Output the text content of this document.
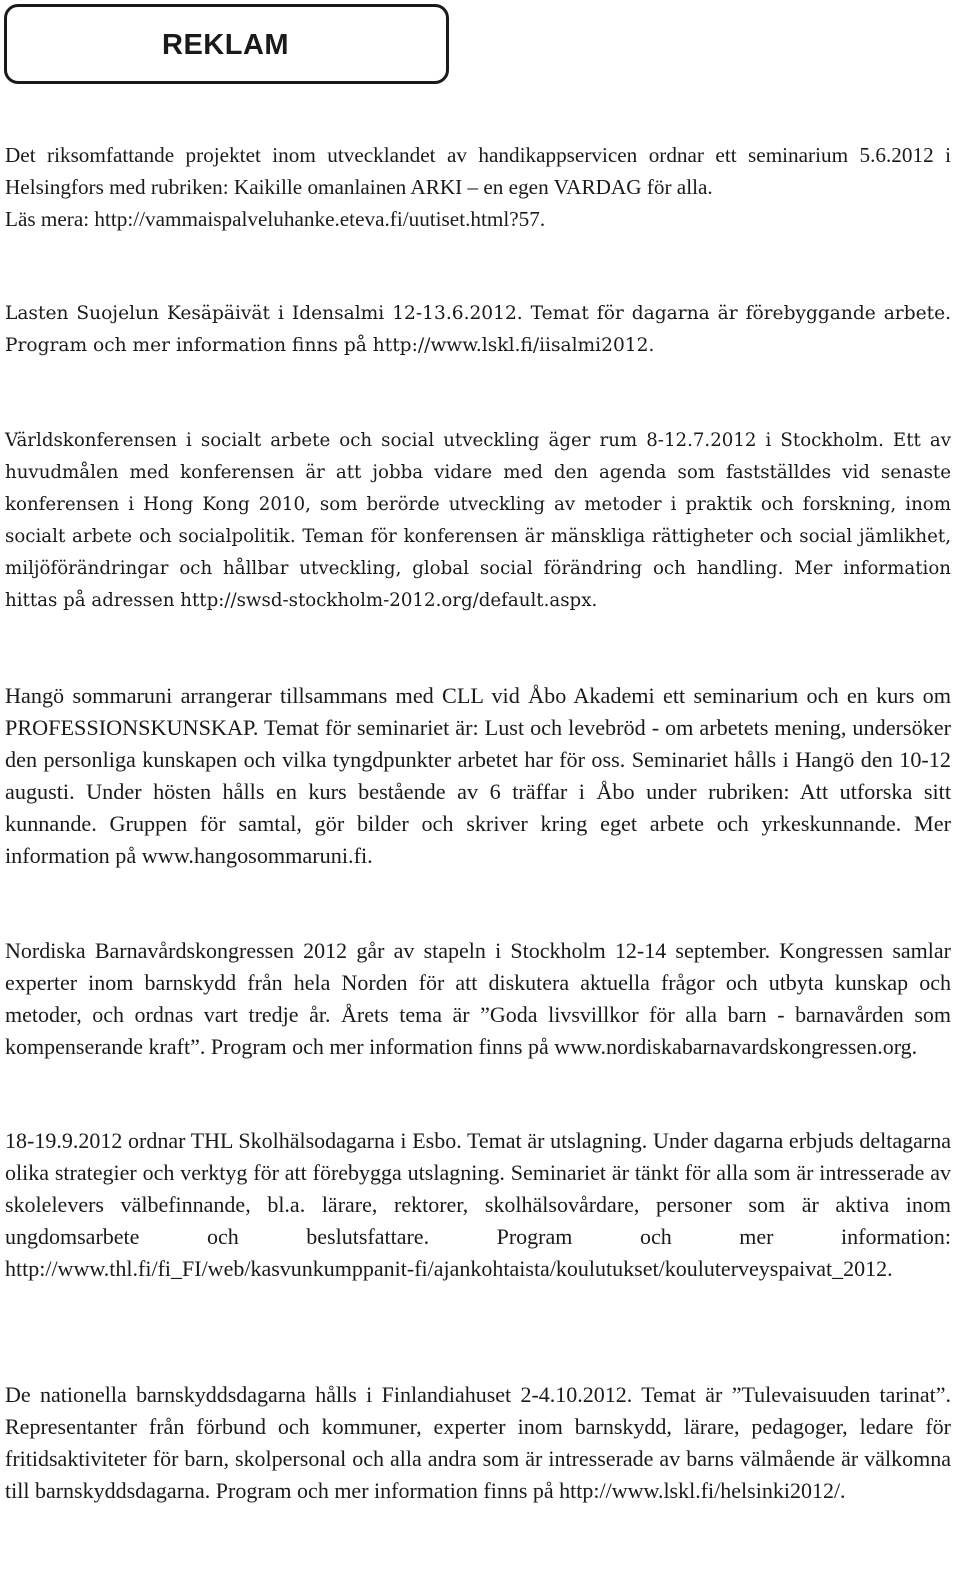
REKLAM

Det riksomfattande projektet inom utvecklandet av handikappservicen ordnar ett seminarium 5.6.2012 i Helsingfors med rubriken: Kaikille omanlainen ARKI – en egen VARDAG för alla.
Läs mera: http://vammaispalveluhanke.eteva.fi/uutiset.html?57.

Lasten Suojelun Kesäpäivät i Idensalmi 12-13.6.2012. Temat för dagarna är förebyggande arbete. Program och mer information finns på http://www.lskl.fi/iisalmi2012.

Världskonferensen i socialt arbete och social utveckling äger rum 8-12.7.2012 i Stockholm. Ett av huvudmålen med konferensen är att jobba vidare med den agenda som fastställdes vid senaste konferensen i Hong Kong 2010, som berörde utveckling av metoder i praktik och forskning, inom socialt arbete och socialpolitik. Teman för konferensen är mänskliga rättigheter och social jämlikhet, miljöförändringar och hållbar utveckling, global social förändring och handling. Mer information hittas på adressen http://swsd-stockholm-2012.org/default.aspx.

Hangö sommaruni arrangerar tillsammans med CLL vid Åbo Akademi ett seminarium och en kurs om PROFESSIONSKUNSKAP. Temat för seminariet är: Lust och levebröd - om arbetets mening, undersöker den personliga kunskapen och vilka tyngdpunkter arbetet har för oss. Seminariet hålls i Hangö den 10-12 augusti. Under hösten hålls en kurs bestående av 6 träffar i Åbo under rubriken: Att utforska sitt kunnande. Gruppen för samtal, gör bilder och skriver kring eget arbete och yrkeskunnande. Mer information på www.hangosommaruni.fi.

Nordiska Barnavårdskongressen 2012 går av stapeln i Stockholm 12-14 september. Kongressen samlar experter inom barnskydd från hela Norden för att diskutera aktuella frågor och utbyta kunskap och metoder, och ordnas vart tredje år. Årets tema är ”Goda livsvillkor för alla barn - barnavården som kompenserande kraft”. Program och mer information finns på www.nordiskabarnavardskongressen.org.

18-19.9.2012 ordnar THL Skolhälsodagarna i Esbo. Temat är utslagning. Under dagarna erbjuds deltagarna olika strategier och verktyg för att förebygga utslagning. Seminariet är tänkt för alla som är intresserade av skolelevers välbefinnande, bl.a. lärare, rektorer, skolhälsovårdare, personer som är aktiva inom ungdomsarbete och beslutsfattare. Program och mer information: http://www.thl.fi/fi_FI/web/kasvunkumppanit-fi/ajankohtaista/koulutukset/kouluterveyspaivat_2012.

De nationella barnskyddsdagarna hålls i Finlandiahuset 2-4.10.2012. Temat är ”Tulevaisuuden tarinat”. Representanter från förbund och kommuner, experter inom barnskydd, lärare, pedagoger, ledare för fritidsaktiviteter för barn, skolpersonal och alla andra som är intresserade av barns välmående är välkomna till barnskyddsdagarna. Program och mer information finns på http://www.lskl.fi/helsinki2012/.
